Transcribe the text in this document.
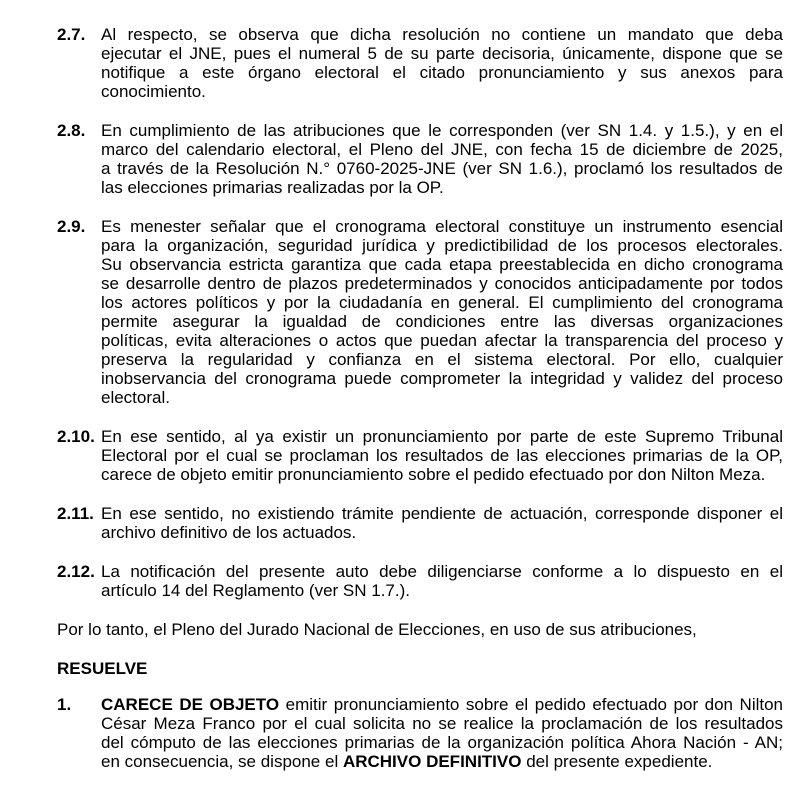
2.7. Al respecto, se observa que dicha resolución no contiene un mandato que deba
ejecutar el JNE, pues el numeral 5 de su parte decisoria, únicamente, dispone que se
notifique a este órgano electoral el citado pronunciamiento y sus anexos para
conocimiento.
2.8. En cumplimiento de las atribuciones que le corresponden (ver SN 1.4. y 1.5.), y en el
marco del calendario electoral, el Pleno del JNE, con fecha 15 de diciembre de 2025,
a través de la Resolución N.° 0760-2025-JNE (ver SN 1.6.), proclamó los resultados de
las elecciones primarias realizadas por la OP.
2.9. Es menester señalar que el cronograma electoral constituye un instrumento esencial
para la organización, seguridad jurídica y predictibilidad de los procesos electorales.
Su observancia estricta garantiza que cada etapa preestablecida en dicho cronograma
se desarrolle dentro de plazos predeterminados y conocidos anticipadamente por todos
los actores políticos y por la ciudadanía en general. El cumplimiento del cronograma
permite asegurar la igualdad de condiciones entre las diversas organizaciones
políticas, evita alteraciones o actos que puedan afectar la transparencia del proceso y
preserva la regularidad y confianza en el sistema electoral. Por ello, cualquier
inobservancia del cronograma puede comprometer la integridad y validez del proceso
electoral.
2.10. En ese sentido, al ya existir un pronunciamiento por parte de este Supremo Tribunal
Electoral por el cual se proclaman los resultados de las elecciones primarias de la OP,
carece de objeto emitir pronunciamiento sobre el pedido efectuado por don Nilton Meza.
2.11. En ese sentido, no existiendo trámite pendiente de actuación, corresponde disponer el
archivo definitivo de los actuados.
2.12. La notificación del presente auto debe diligenciarse conforme a lo dispuesto en el
artículo 14 del Reglamento (ver SN 1.7.).

Por lo tanto, el Pleno del Jurado Nacional de Elecciones, en uso de sus atribuciones,

RESUELVE

1.	CARECE DE OBJETO emitir pronunciamiento sobre el pedido efectuado por don Nilton
César Meza Franco por el cual solicita no se realice la proclamación de los resultados
del cómputo de las elecciones primarias de la organización política Ahora Nación - AN;
en consecuencia, se dispone el ARCHIVO DEFINITIVO del presente expediente.
